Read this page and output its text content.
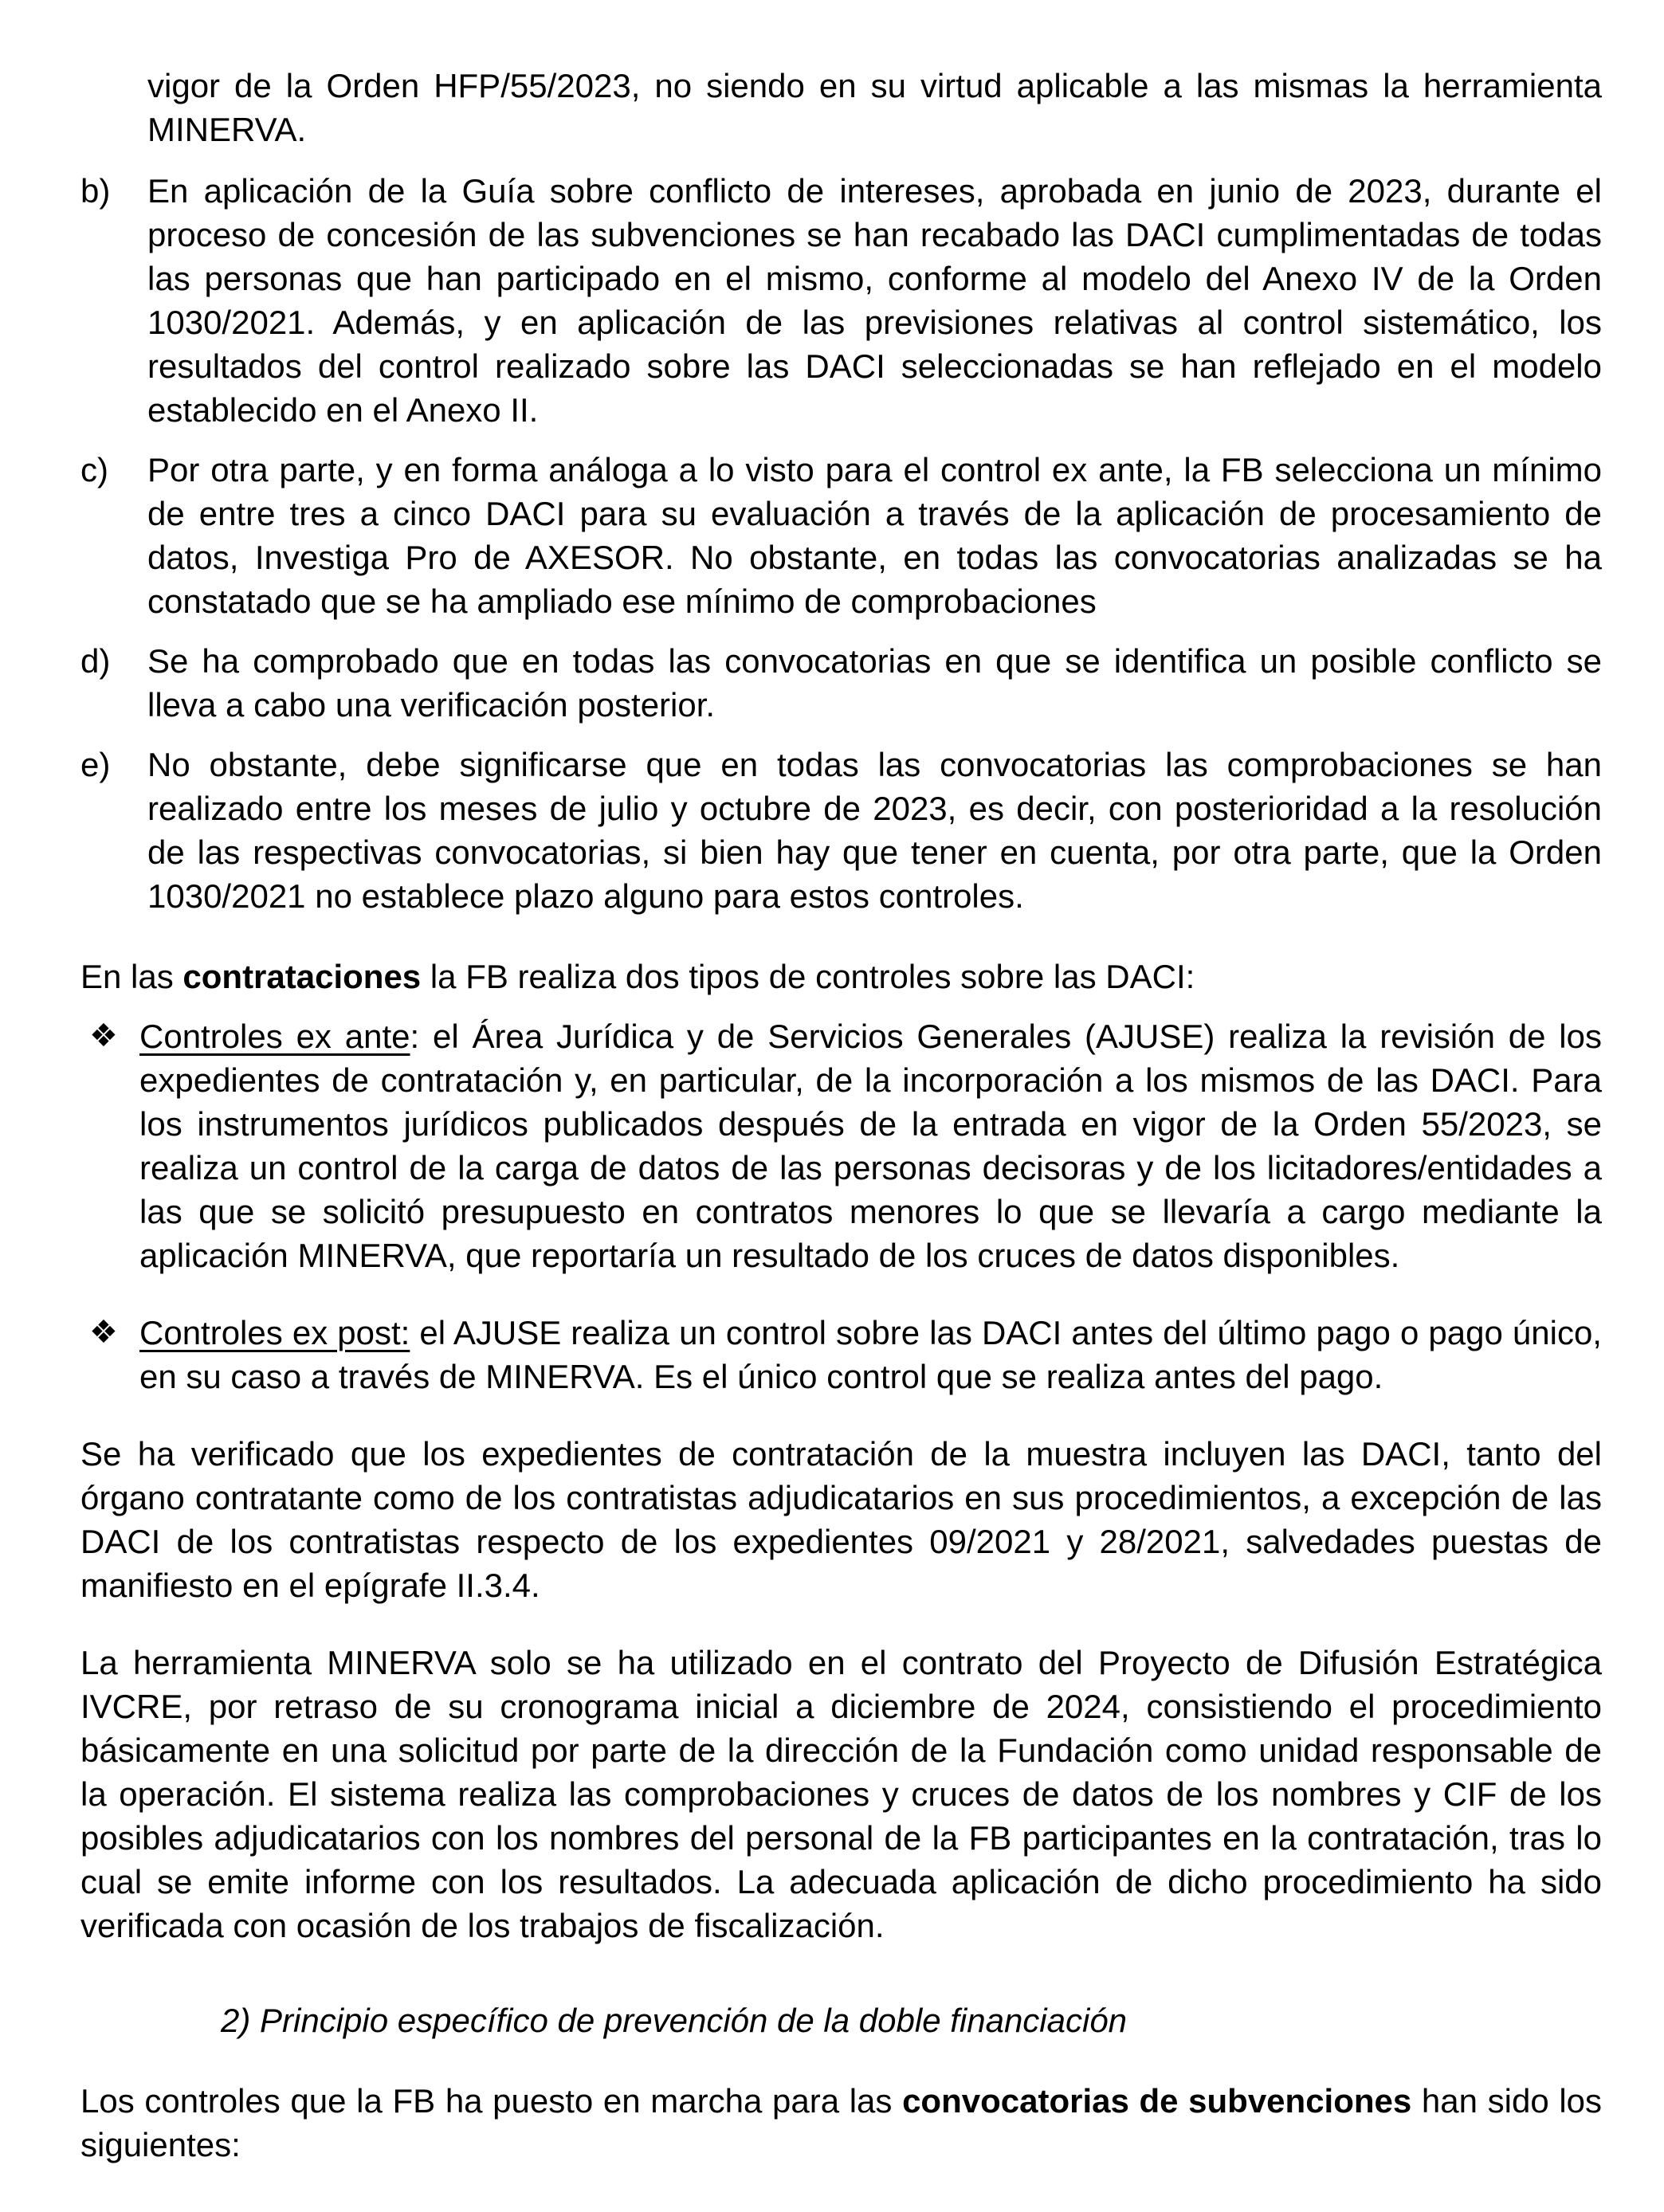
vigor de la Orden HFP/55/2023, no siendo en su virtud aplicable a las mismas la herramienta MINERVA.
b) En aplicación de la Guía sobre conflicto de intereses, aprobada en junio de 2023, durante el proceso de concesión de las subvenciones se han recabado las DACI cumplimentadas de todas las personas que han participado en el mismo, conforme al modelo del Anexo IV de la Orden 1030/2021. Además, y en aplicación de las previsiones relativas al control sistemático, los resultados del control realizado sobre las DACI seleccionadas se han reflejado en el modelo establecido en el Anexo II.
c) Por otra parte, y en forma análoga a lo visto para el control ex ante, la FB selecciona un mínimo de entre tres a cinco DACI para su evaluación a través de la aplicación de procesamiento de datos, Investiga Pro de AXESOR. No obstante, en todas las convocatorias analizadas se ha constatado que se ha ampliado ese mínimo de comprobaciones
d) Se ha comprobado que en todas las convocatorias en que se identifica un posible conflicto se lleva a cabo una verificación posterior.
e) No obstante, debe significarse que en todas las convocatorias las comprobaciones se han realizado entre los meses de julio y octubre de 2023, es decir, con posterioridad a la resolución de las respectivas convocatorias, si bien hay que tener en cuenta, por otra parte, que la Orden 1030/2021 no establece plazo alguno para estos controles.

En las contrataciones la FB realiza dos tipos de controles sobre las DACI:

❖ Controles ex ante: el Área Jurídica y de Servicios Generales (AJUSE) realiza la revisión de los expedientes de contratación y, en particular, de la incorporación a los mismos de las DACI. Para los instrumentos jurídicos publicados después de la entrada en vigor de la Orden 55/2023, se realiza un control de la carga de datos de las personas decisoras y de los licitadores/entidades a las que se solicitó presupuesto en contratos menores lo que se llevaría a cargo mediante la aplicación MINERVA, que reportaría un resultado de los cruces de datos disponibles.
❖ Controles ex post: el AJUSE realiza un control sobre las DACI antes del último pago o pago único, en su caso a través de MINERVA. Es el único control que se realiza antes del pago.

Se ha verificado que los expedientes de contratación de la muestra incluyen las DACI, tanto del órgano contratante como de los contratistas adjudicatarios en sus procedimientos, a excepción de las DACI de los contratistas respecto de los expedientes 09/2021 y 28/2021, salvedades puestas de manifiesto en el epígrafe II.3.4.

La herramienta MINERVA solo se ha utilizado en el contrato del Proyecto de Difusión Estratégica IVCRE, por retraso de su cronograma inicial a diciembre de 2024, consistiendo el procedimiento básicamente en una solicitud por parte de la dirección de la Fundación como unidad responsable de la operación. El sistema realiza las comprobaciones y cruces de datos de los nombres y CIF de los posibles adjudicatarios con los nombres del personal de la FB participantes en la contratación, tras lo cual se emite informe con los resultados. La adecuada aplicación de dicho procedimiento ha sido verificada con ocasión de los trabajos de fiscalización.

2) Principio específico de prevención de la doble financiación

Los controles que la FB ha puesto en marcha para las convocatorias de subvenciones han sido los siguientes:
